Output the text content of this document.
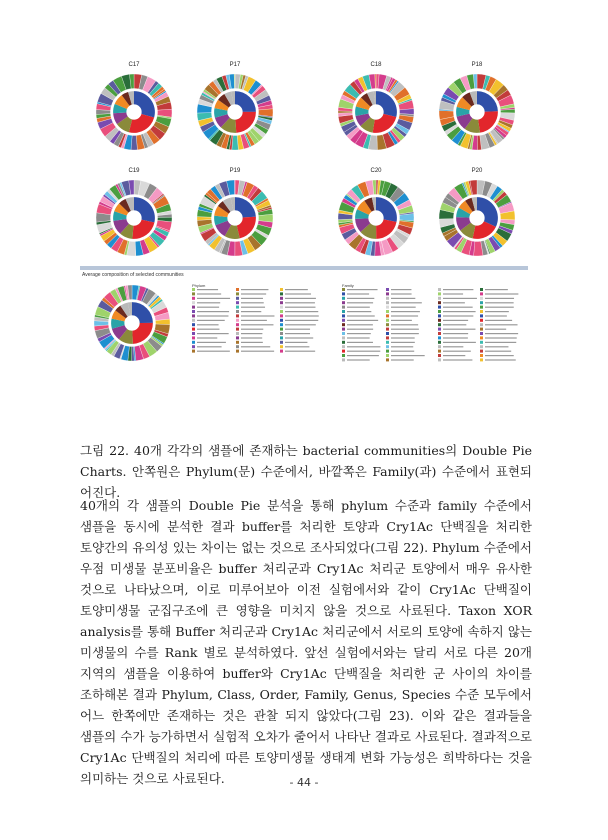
C17	P17	C18	P18
C19	P19	C20	P20
Average composition of selected communities
Phylum	Family
그림 22. 40개 각각의 샘플에 존재하는 bacterial communities의 Double Pie Charts. 안쪽원은 Phylum(문) 수준에서, 바깥쪽은 Family(과) 수준에서 표현되어진다.
40개의 각 샘플의 Double Pie 분석을 통해 phylum 수준과 family 수준에서 샘플을 동시에 분석한 결과 buffer를 처리한 토양과 Cry1Ac 단백질을 처리한 토양간의 유의성 있는 차이는 없는 것으로 조사되었다(그림 22). Phylum 수준에서 우점 미생물 분포비율은 buffer 처리군과 Cry1Ac 처리군 토양에서 매우 유사한 것으로 나타났으며, 이로 미루어보아 이전 실험에서와 같이 Cry1Ac 단백질이 토양미생물 군집구조에 큰 영향을 미치지 않을 것으로 사료된다. Taxon XOR analysis를 통해 Buffer 처리군과 Cry1Ac 처리군에서 서로의 토양에 속하지 않는 미생물의 수를 Rank 별로 분석하였다. 앞선 실험에서와는 달리 서로 다른 20개 지역의 샘플을 이용하여 buffer와 Cry1Ac 단백질을 처리한 군 사이의 차이를 조하해본 결과 Phylum, Class, Order, Family, Genus, Species 수준 모두에서 어느 한쪽에만 존재하는 것은 관찰 되지 않았다(그림 23). 이와 같은 결과들을 샘플의 수가 능가하면서 실험적 오차가 줄어서 나타난 결과로 사료된다. 결과적으로 Cry1Ac 단백질의 처리에 따른 토양미생물 생태계 변화 가능성은 희박하다는 것을 의미하는 것으로 사료된다.	- 44 -
